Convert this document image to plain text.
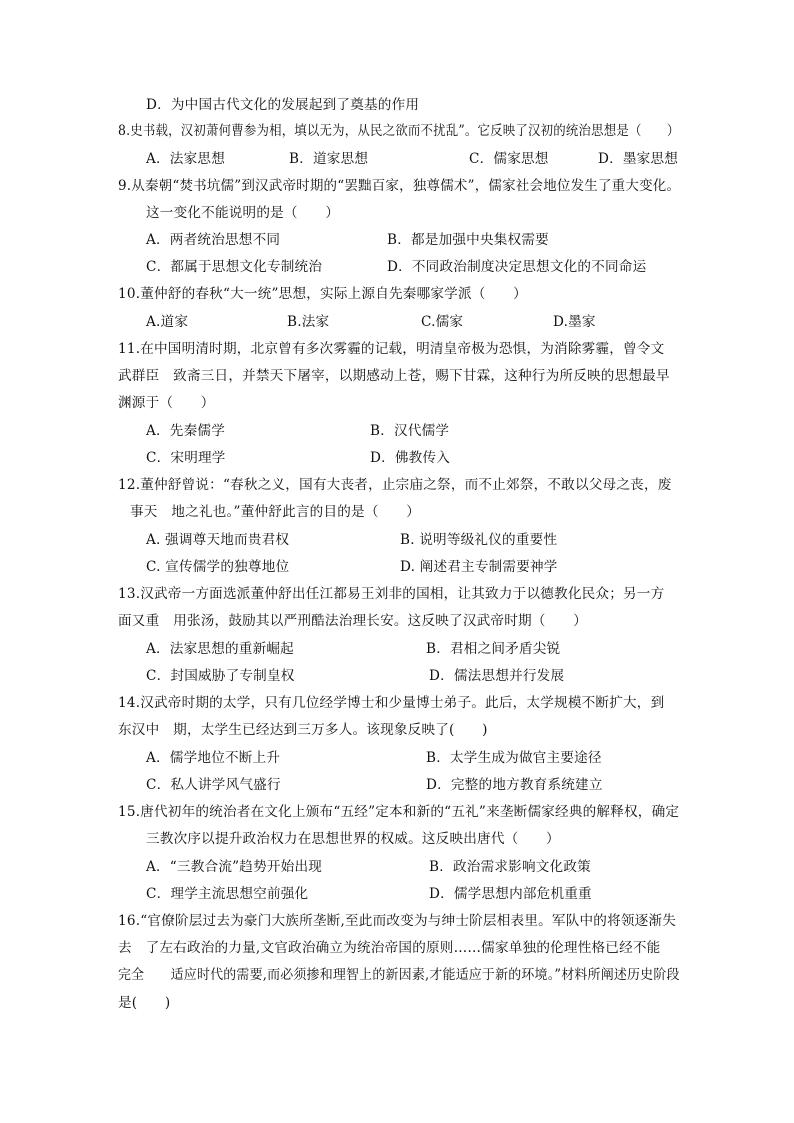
D．为中国古代文化的发展起到了奠基的作用
8.史书载，汉初萧何曹参为相，填以无为，从民之欲而不扰乱”。它反映了汉初的统治思想是（　　）
A．法家思想	B．道家思想	C．儒家思想	D．墨家思想
9.从秦朝“焚书坑儒”到汉武帝时期的“罢黜百家，独尊儒术”，儒家社会地位发生了重大变化。
这一变化不能说明的是（　　）
A．两者统治思想不同	B．都是加强中央集权需要
C．都属于思想文化专制统治	D．不同政治制度决定思想文化的不同命运
10.董仲舒的春秋“大一统”思想，实际上源自先秦哪家学派（　　）
A.道家	B.法家	C.儒家	D.墨家
11.在中国明清时期，北京曾有多次雾霾的记载，明清皇帝极为恐惧，为消除雾霾，曾令文
武群臣　致斋三日，并禁天下屠宰，以期感动上苍，赐下甘霖，这种行为所反映的思想最早
渊源于（　　）
A．先秦儒学	B．汉代儒学
C．宋明理学	D．佛教传入
12.董仲舒曾说：“春秋之义，国有大丧者，止宗庙之祭，而不止郊祭，不敢以父母之丧，废
事天　地之礼也。”董仲舒此言的目的是（　　）
A. 强调尊天地而贵君权	B. 说明等级礼仪的重要性
C. 宣传儒学的独尊地位	D. 阐述君主专制需要神学
13.汉武帝一方面选派董仲舒出任江都易王刘非的国相，让其致力于以德教化民众；另一方
面又重　用张汤，鼓励其以严刑酷法治理长安。这反映了汉武帝时期（　　）
A．法家思想的重新崛起	B．君相之间矛盾尖锐
C．封国威胁了专制皇权	D．儒法思想并行发展
14.汉武帝时期的太学，只有几位经学博士和少量博士弟子。此后，太学规模不断扩大，到
东汉中　期，太学生已经达到三万多人。该现象反映了(　　)
A．儒学地位不断上升	B．太学生成为做官主要途径
C．私人讲学风气盛行	D．完整的地方教育系统建立
15.唐代初年的统治者在文化上颁布“五经”定本和新的“五礼”来垄断儒家经典的解释权，确定
三教次序以提升政治权力在思想世界的权威。这反映出唐代（　　）
A．“三教合流”趋势开始出现	B．政治需求影响文化政策
C．理学主流思想空前强化	D．儒学思想内部危机重重
16.“官僚阶层过去为豪门大族所垄断,至此而改变为与绅士阶层相表里。军队中的将领逐渐失
去　了左右政治的力量,文官政治确立为统治帝国的原则……儒家单独的伦理性格已经不能
完全　　适应时代的需要,而必须掺和理智上的新因素,才能适应于新的环境。”材料所阐述历史阶段
是(　　)
